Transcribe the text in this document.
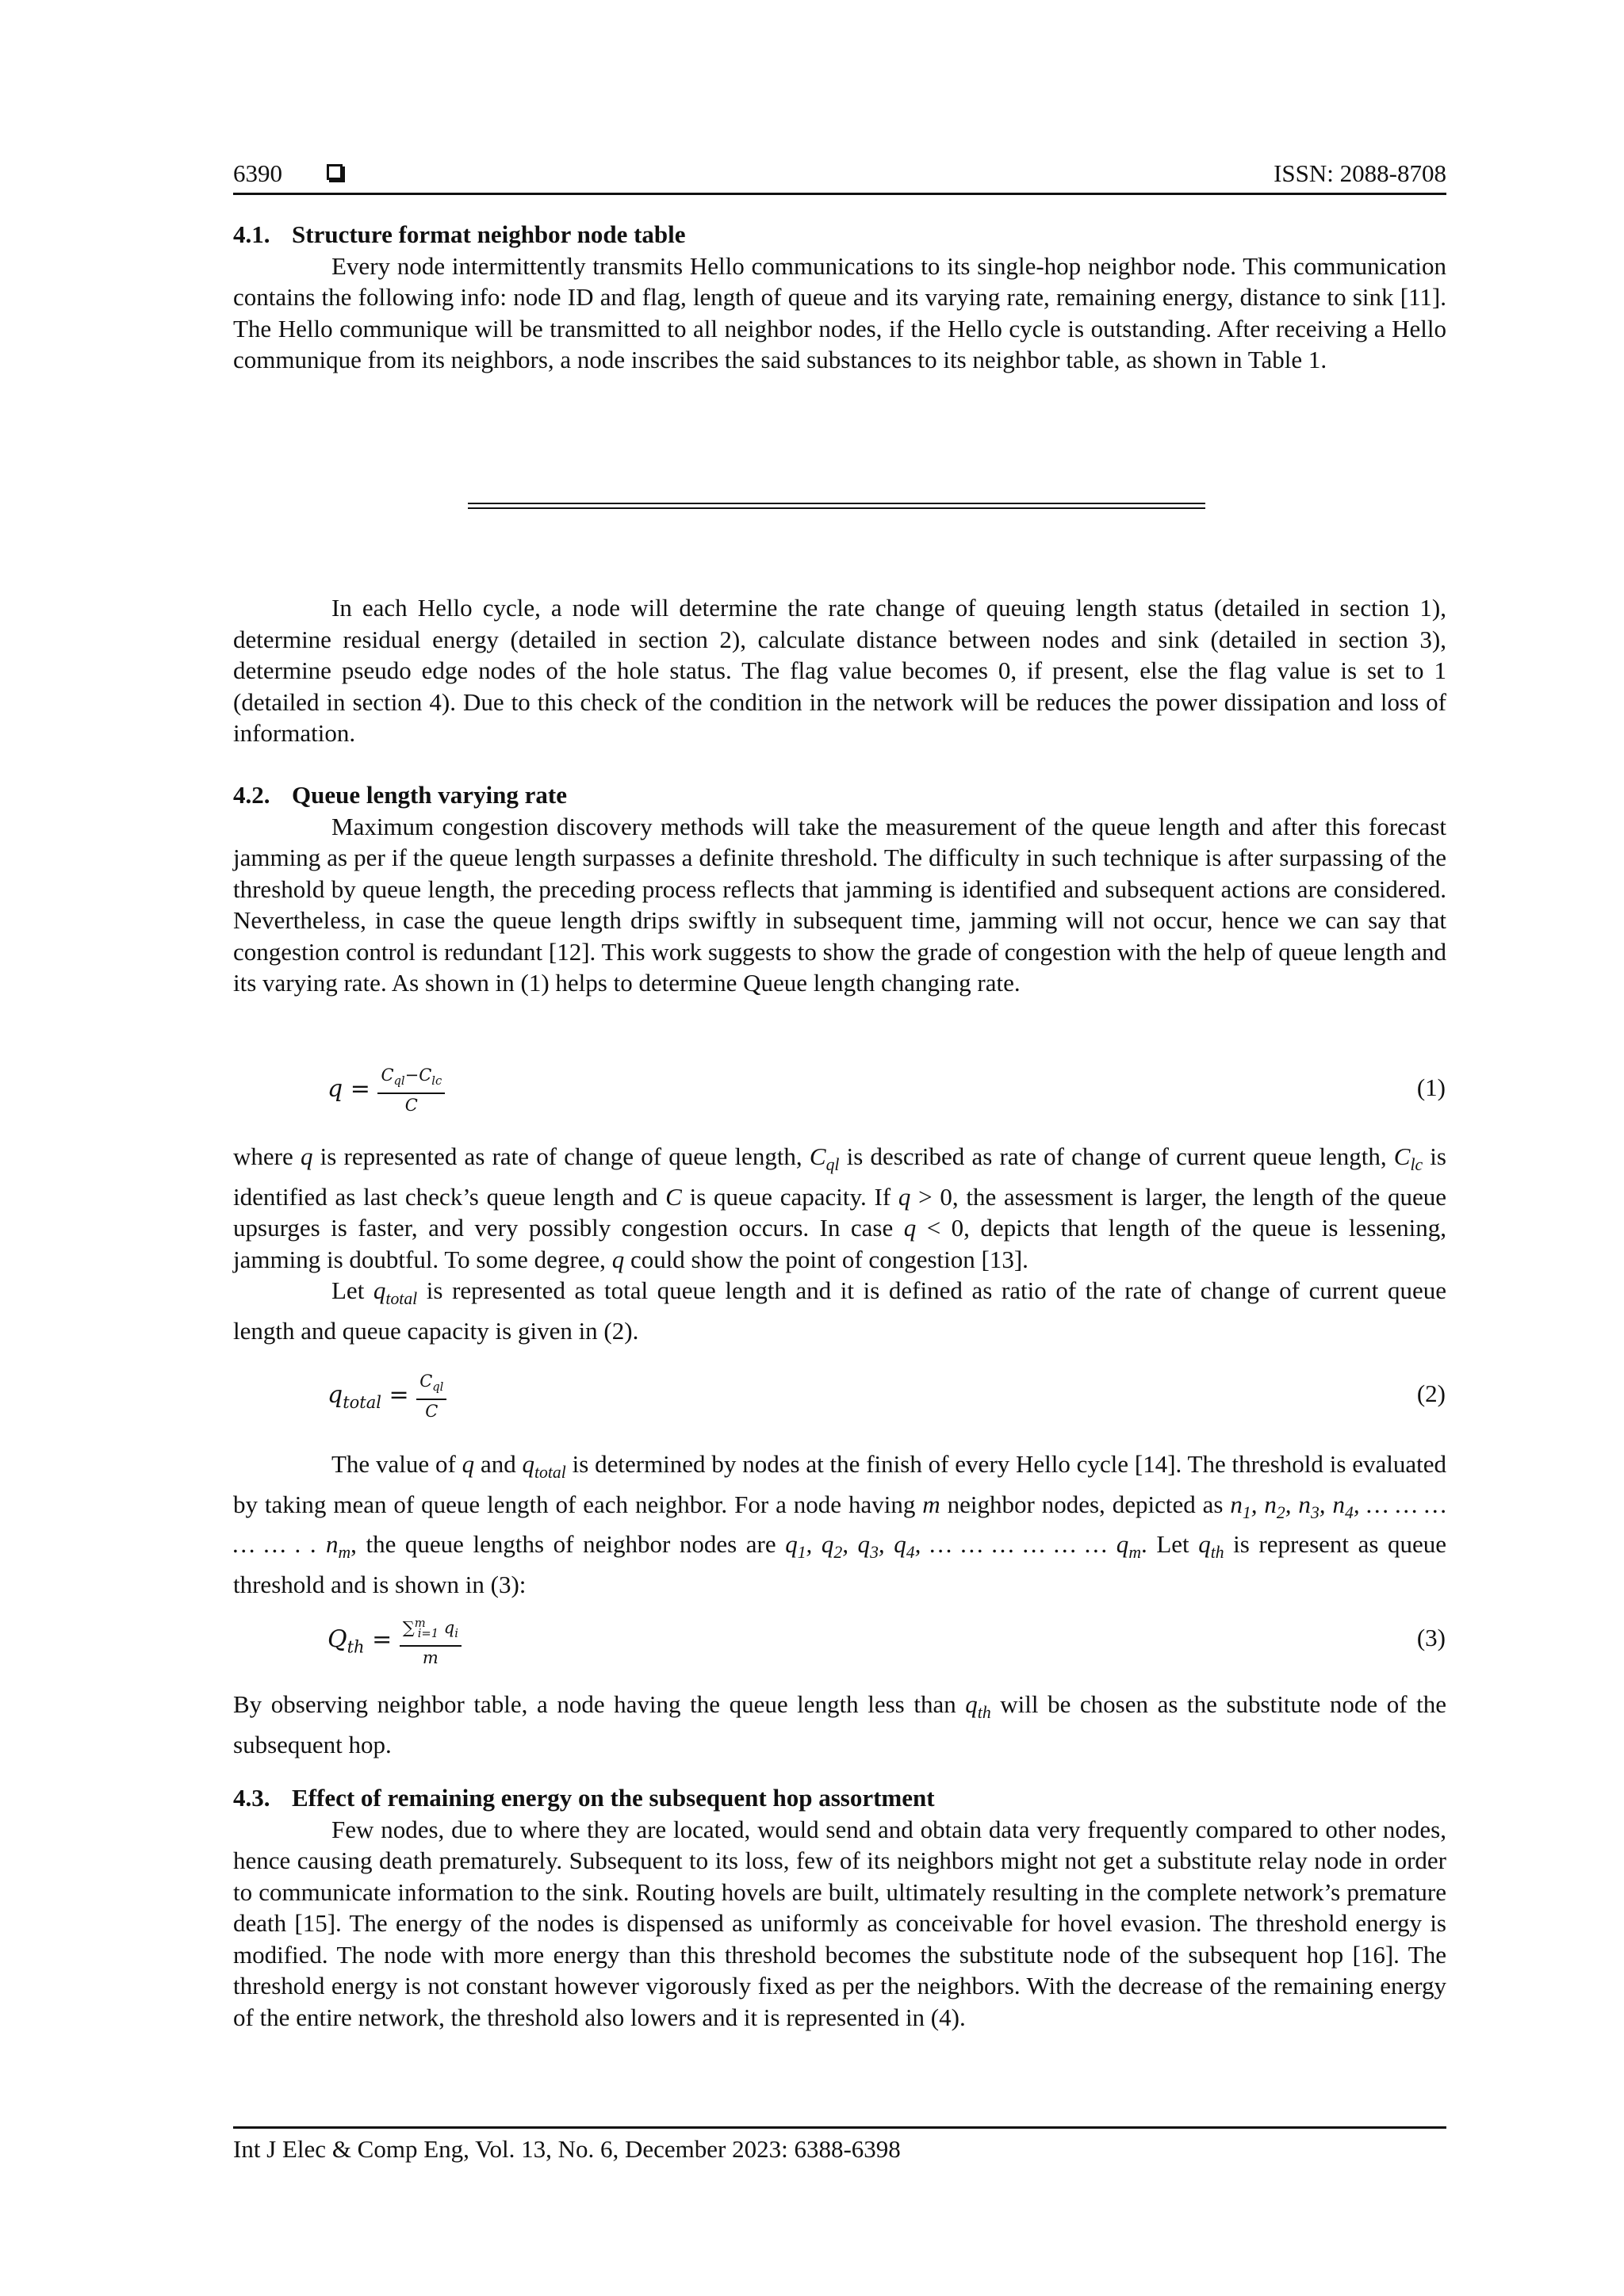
6390	ISSN: 2088-8708

4.1. Structure format neighbor node table

Every node intermittently transmits Hello communications to its single-hop neighbor node. This communication contains the following info: node ID and flag, length of queue and its varying rate, remaining energy, distance to sink [11]. The Hello communique will be transmitted to all neighbor nodes, if the Hello cycle is outstanding. After receiving a Hello communique from its neighbors, a node inscribes the said substances to its neighbor table, as shown in Table 1.

In each Hello cycle, a node will determine the rate change of queuing length status (detailed in section 1), determine residual energy (detailed in section 2), calculate distance between nodes and sink (detailed in section 3), determine pseudo edge nodes of the hole status. The flag value becomes 0, if present, else the flag value is set to 1 (detailed in section 4). Due to this check of the condition in the network will be reduces the power dissipation and loss of information.

4.2. Queue length varying rate

Maximum congestion discovery methods will take the measurement of the queue length and after this forecast jamming as per if the queue length surpasses a definite threshold. The difficulty in such technique is after surpassing of the threshold by queue length, the preceding process reflects that jamming is identified and subsequent actions are considered. Nevertheless, in case the queue length drips swiftly in subsequent time, jamming will not occur, hence we can say that congestion control is redundant [12]. This work suggests to show the grade of congestion with the help of queue length and its varying rate. As shown in (1) helps to determine Queue length changing rate.

$q = \frac{C_{ql}-C_{lc}}{C}$	(1)

where q is represented as rate of change of queue length, $C_{ql}$ is described as rate of change of current queue length, $C_{lc}$ is identified as last check’s queue length and C is queue capacity. If q > 0, the assessment is larger, the length of the queue upsurges is faster, and very possibly congestion occurs. In case q < 0, depicts that length of the queue is lessening, jamming is doubtful. To some degree, q could show the point of congestion [13].

Let $q_{total}$ is represented as total queue length and it is defined as ratio of the rate of change of current queue length and queue capacity is given in (2).

$q_{total} = \frac{C_{ql}}{C}$	(2)

The value of q and $q_{total}$ is determined by nodes at the finish of every Hello cycle [14]. The threshold is evaluated by taking mean of queue length of each neighbor. For a node having m neighbor nodes, depicted as $n_1$, $n_2$, $n_3$, $n_4$, … … … … … . . $n_m$, the queue lengths of neighbor nodes are $q_1$, $q_2$, $q_3$, $q_4$, … … … … … … $q_m$. Let $q_{th}$ is represent as queue threshold and is shown in (3):

$Q_{th} = \frac{\sum^m_{i=1} q_i}{m}$	(3)

By observing neighbor table, a node having the queue length less than $q_{th}$ will be chosen as the substitute node of the subsequent hop.

4.3. Effect of remaining energy on the subsequent hop assortment

Few nodes, due to where they are located, would send and obtain data very frequently compared to other nodes, hence causing death prematurely. Subsequent to its loss, few of its neighbors might not get a substitute relay node in order to communicate information to the sink. Routing hovels are built, ultimately resulting in the complete network’s premature death [15]. The energy of the nodes is dispensed as uniformly as conceivable for hovel evasion. The threshold energy is modified. The node with more energy than this threshold becomes the substitute node of the subsequent hop [16]. The threshold energy is not constant however vigorously fixed as per the neighbors. With the decrease of the remaining energy of the entire network, the threshold also lowers and it is represented in (4).

Int J Elec & Comp Eng, Vol. 13, No. 6, December 2023: 6388-6398
